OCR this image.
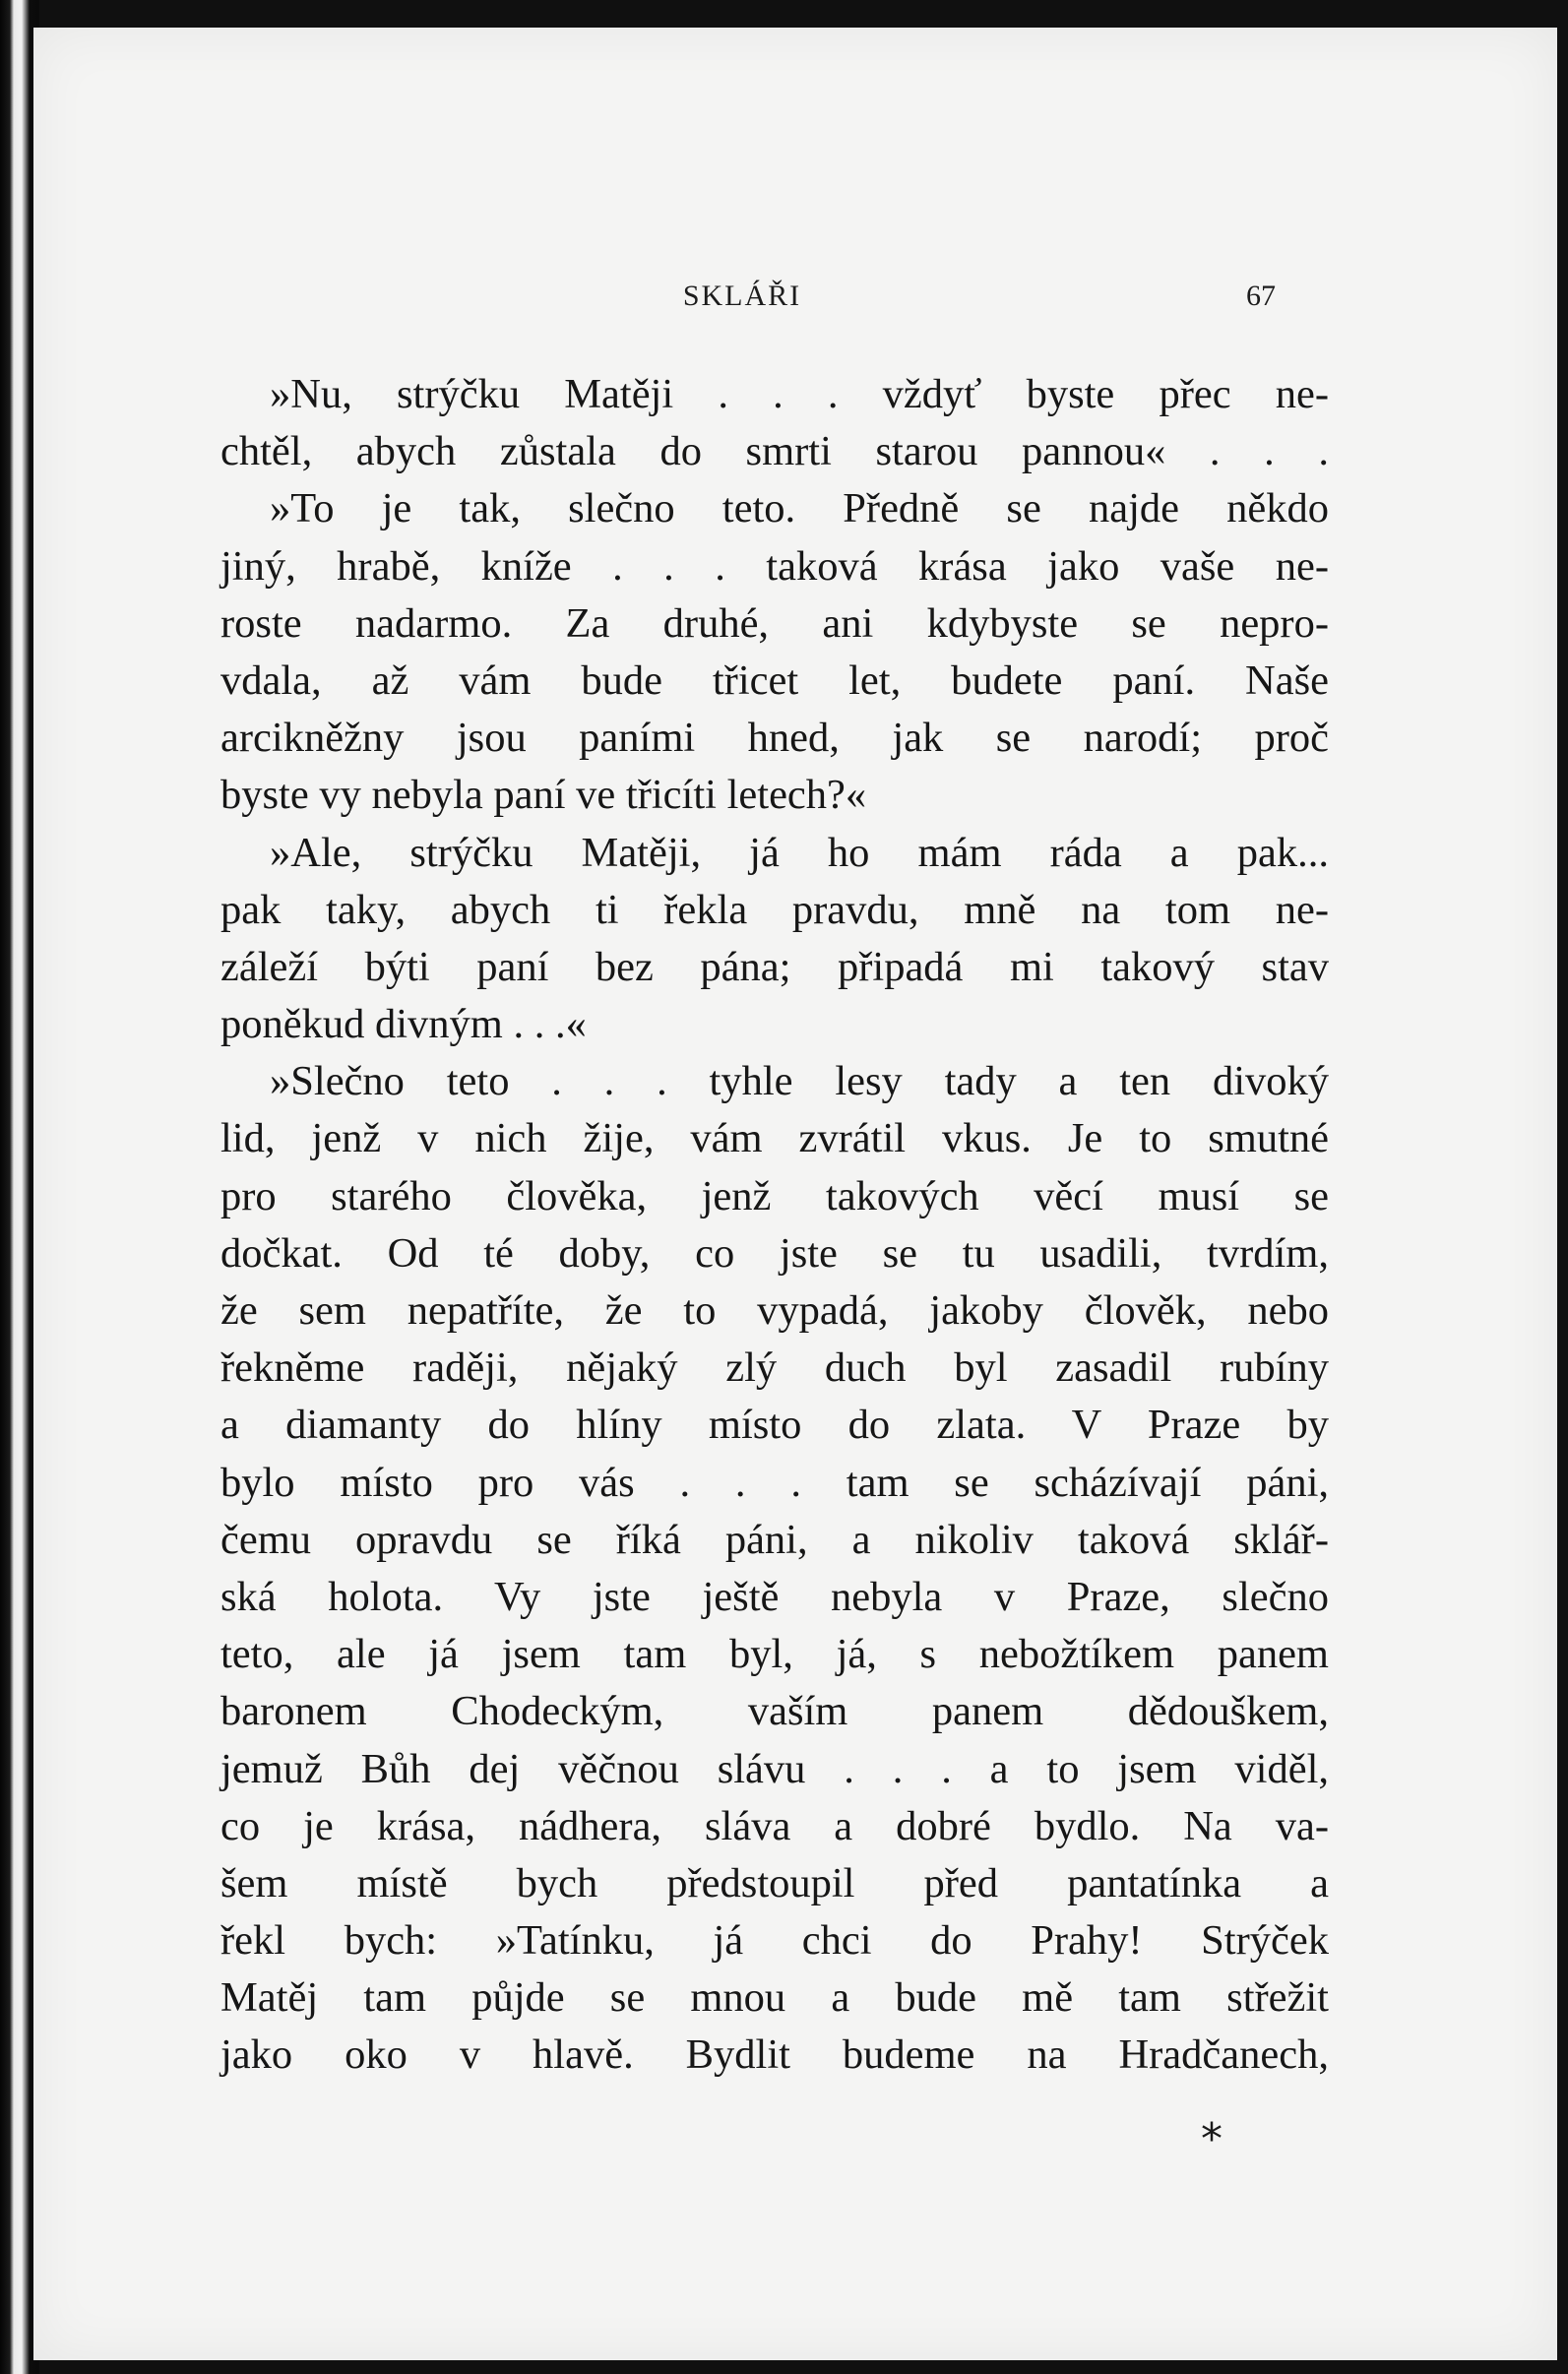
SKLÁŘI	67
»Nu, strýčku Matěji . . . vždyť byste přec ne-
chtěl, abych zůstala do smrti starou pannou« . . .
»To je tak, slečno teto. Předně se najde někdo
jiný, hrabě, kníže . . . taková krása jako vaše ne-
roste nadarmo. Za druhé, ani kdybyste se nepro-
vdala, až vám bude třicet let, budete paní. Naše
arcikněžny jsou paními hned, jak se narodí; proč
byste vy nebyla paní ve třicíti letech?«
»Ale, strýčku Matěji, já ho mám ráda a pak...
pak taky, abych ti řekla pravdu, mně na tom ne-
záleží býti paní bez pána; připadá mi takový stav
poněkud divným . . .«
»Slečno teto . . . tyhle lesy tady a ten divoký
lid, jenž v nich žije, vám zvrátil vkus. Je to smutné
pro starého člověka, jenž takových věcí musí se
dočkat. Od té doby, co jste se tu usadili, tvrdím,
že sem nepatříte, že to vypadá, jakoby člověk, nebo
řekněme raději, nějaký zlý duch byl zasadil rubíny
a diamanty do hlíny místo do zlata. V Praze by
bylo místo pro vás . . . tam se scházívají páni,
čemu opravdu se říká páni, a nikoliv taková sklář-
ská holota. Vy jste ještě nebyla v Praze, slečno
teto, ale já jsem tam byl, já, s nebožtíkem panem
baronem Chodeckým, vaším panem dědouškem,
jemuž Bůh dej věčnou slávu . . . a to jsem viděl,
co je krása, nádhera, sláva a dobré bydlo. Na va-
šem místě bych předstoupil před pantatínka a
řekl bych: »Tatínku, já chci do Prahy! Strýček
Matěj tam půjde se mnou a bude mě tam střežit
jako oko v hlavě. Bydlit budeme na Hradčanech,
*
